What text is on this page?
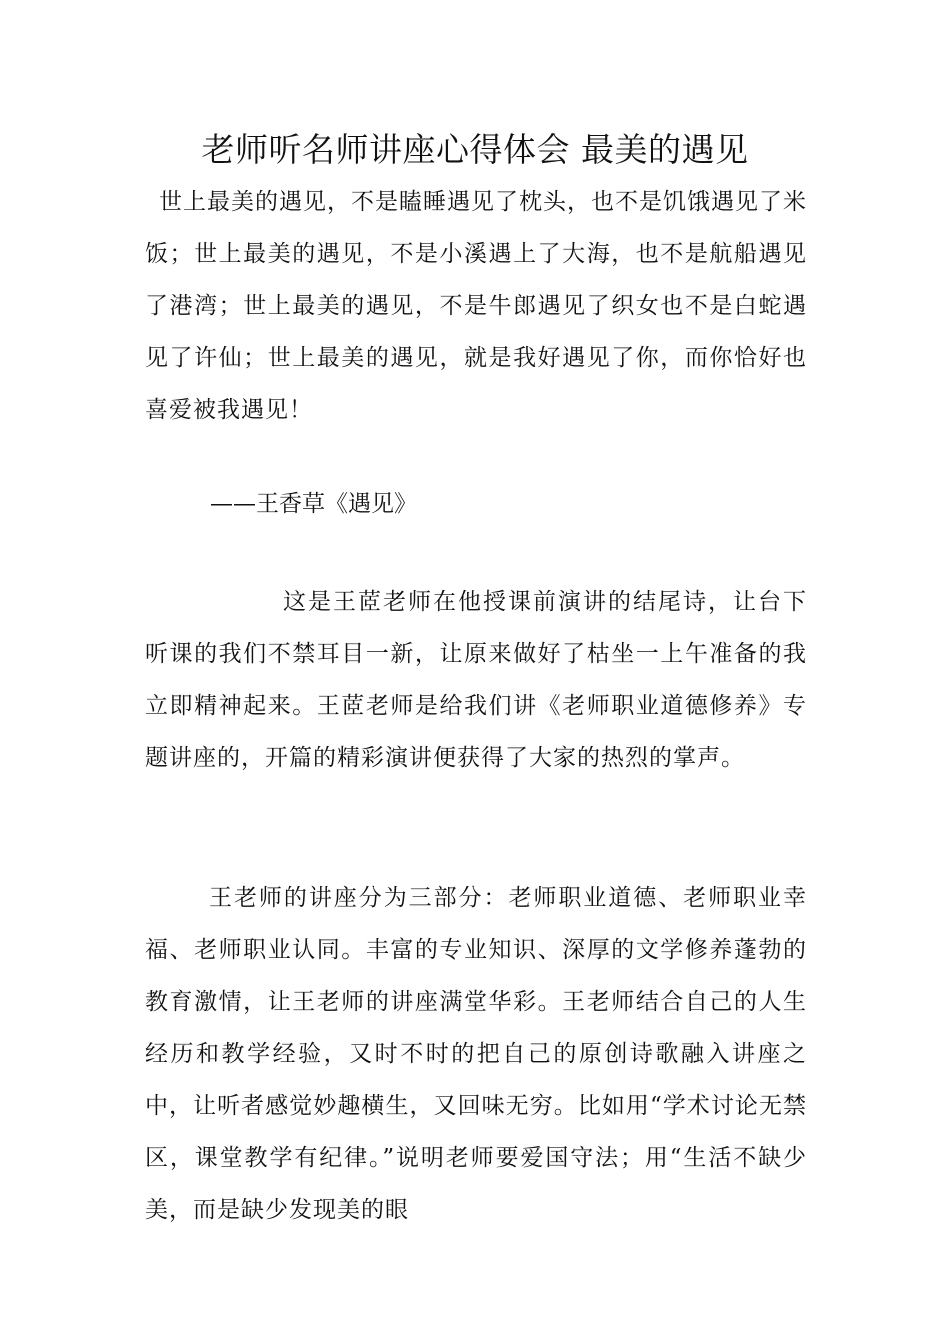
老师听名师讲座心得体会 最美的遇见

世上最美的遇见，不是瞌睡遇见了枕头，也不是饥饿遇见了米饭；世上最美的遇见，不是小溪遇上了大海，也不是航船遇见了港湾；世上最美的遇见，不是牛郎遇见了织女也不是白蛇遇见了许仙；世上最美的遇见，就是我好遇见了你，而你恰好也喜爱被我遇见！

——王香草《遇见》

这是王茝老师在他授课前演讲的结尾诗，让台下听课的我们不禁耳目一新，让原来做好了枯坐一上午准备的我立即精神起来。王茝老师是给我们讲《老师职业道德修养》专题讲座的，开篇的精彩演讲便获得了大家的热烈的掌声。

王老师的讲座分为三部分：老师职业道德、老师职业幸福、老师职业认同。丰富的专业知识、深厚的文学修养蓬勃的教育激情，让王老师的讲座满堂华彩。王老师结合自己的人生经历和教学经验，又时不时的把自己的原创诗歌融入讲座之中，让听者感觉妙趣横生，又回味无穷。比如用“学术讨论无禁区，课堂教学有纪律。”说明老师要爱国守法；用“生活不缺少美，而是缺少发现美的眼
